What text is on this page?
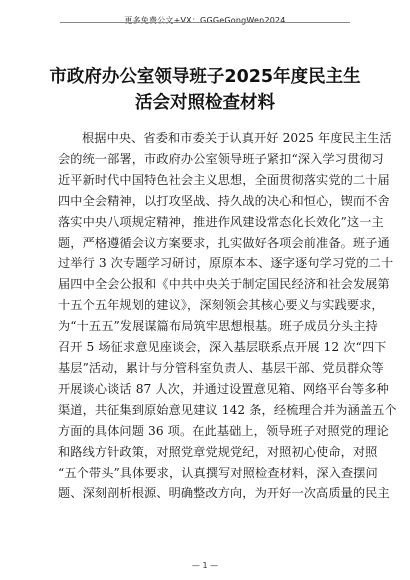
更多免费公文+VX：GGGeGongWen2024
市政府办公室领导班子2025年度民主生
活会对照检查材料
根据中央、省委和市委关于认真开好 2025 年度民主生活
会的统一部署，市政府办公室领导班子紧扣“深入学习贯彻习
近平新时代中国特色社会主义思想，全面贯彻落实党的二十届
四中全会精神，以打攻坚战、持久战的决心和恒心，锲而不舍
落实中央八项规定精神，推进作风建设常态化长效化”这一主
题，严格遵循会议方案要求，扎实做好各项会前准备。班子通
过举行 3 次专题学习研讨，原原本本、逐字逐句学习党的二十
届四中全会公报和《中共中央关于制定国民经济和社会发展第
十五个五年规划的建议》，深刻领会其核心要义与实践要求，
为“十五五”发展谋篇布局筑牢思想根基。班子成员分头主持
召开 5 场征求意见座谈会，深入基层联系点开展 12 次“四下
基层”活动，累计与分管科室负责人、基层干部、党员群众等
开展谈心谈话 87 人次，并通过设置意见箱、网络平台等多种
渠道，共征集到原始意见建议 142 条，经梳理合并为涵盖五个
方面的具体问题 36 项。在此基础上，领导班子对照党的理论
和路线方针政策，对照党章党规党纪，对照初心使命，对照
“五个带头”具体要求，认真撰写对照检查材料，深入查摆问
题、深刻剖析根源、明确整改方向，为开好一次高质量的民主
— 1 —
